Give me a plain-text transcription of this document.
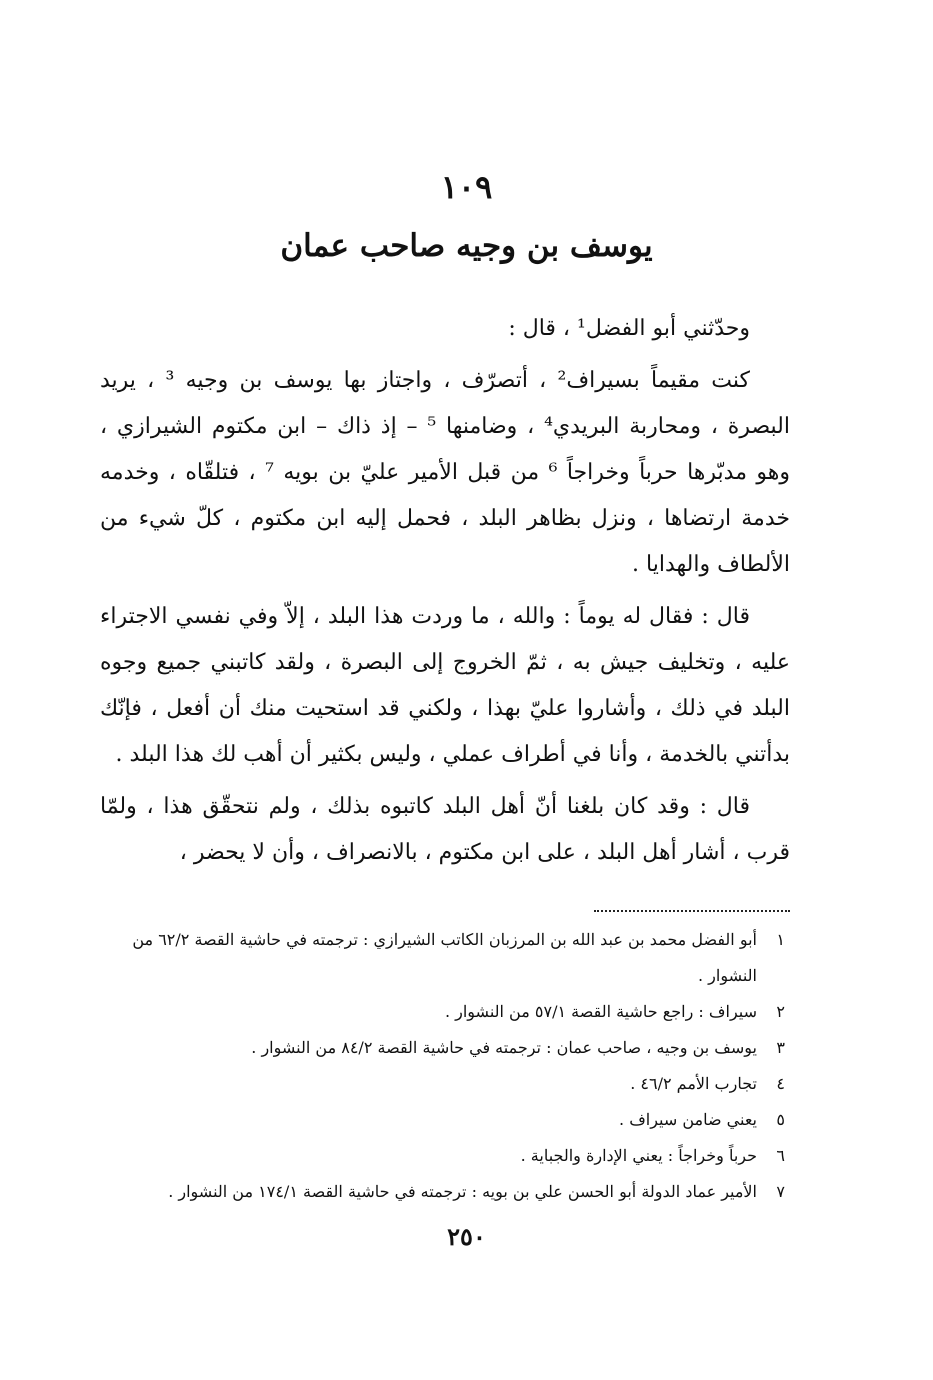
١٠٩
يوسف بن وجيه صاحب عمان

وحدّثني أبو الفضل¹ ، قال :

كنت مقيماً بسيراف² ، أتصرّف ، واجتاز بها يوسف بن وجيه ³ ، يريد البصرة ، ومحاربة البريدي⁴ ، وضامنها ⁵ – إذ ذاك – ابن مكتوم الشيرازي ، وهو مدبّرها حرباً وخراجاً ⁶ من قبل الأمير عليّ بن بويه ⁷ ، فتلقّاه ، وخدمه خدمة ارتضاها ، ونزل بظاهر البلد ، فحمل إليه ابن مكتوم ، كلّ شيء من الألطاف والهدايا .

قال : فقال له يوماً : والله ، ما وردت هذا البلد ، إلاّ وفي نفسي الاجتراء عليه ، وتخليف جيش به ، ثمّ الخروج إلى البصرة ، ولقد كاتبني جميع وجوه البلد في ذلك ، وأشاروا عليّ بهذا ، ولكني قد استحيت منك أن أفعل ، فإنّك بدأتني بالخدمة ، وأنا في أطراف عملي ، وليس بكثير أن أهب لك هذا البلد .

قال : وقد كان بلغنا أنّ أهل البلد كاتبوه بذلك ، ولم نتحقّق هذا ، ولمّا قرب ، أشار أهل البلد ، على ابن مكتوم ، بالانصراف ، وأن لا يحضر ،

١
أبو الفضل محمد بن عبد الله بن المرزبان الكاتب الشيرازي : ترجمته في حاشية القصة ٦٢/٢ من النشوار .
٢
سيراف : راجع حاشية القصة ٥٧/١ من النشوار .
٣
يوسف بن وجيه ، صاحب عمان : ترجمته في حاشية القصة ٨٤/٢ من النشوار .
٤
تجارب الأمم ٤٦/٢ .
٥
يعني ضامن سيراف .
٦
حرباً وخراجاً : يعني الإدارة والجباية .
٧
الأمير عماد الدولة أبو الحسن علي بن بويه : ترجمته في حاشية القصة ١٧٤/١ من النشوار .
٢٥٠
